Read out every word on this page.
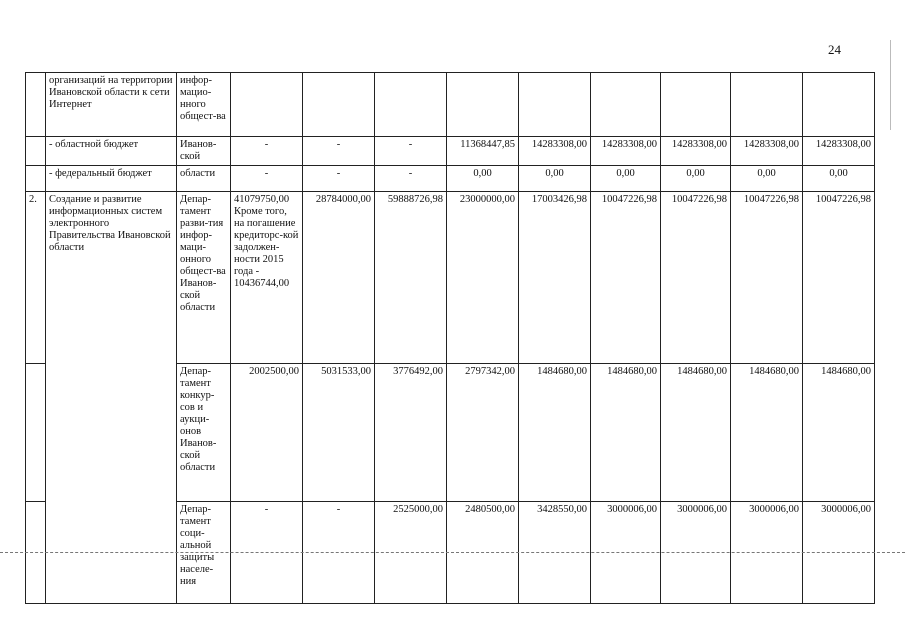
24
	организаций на территории Ивановской области к сети Интернет	инфор-мацио-нного общест-ва									
	- областной бюджет	Иванов-ской	-	-	-	11368447,85	14283308,00	14283308,00	14283308,00	14283308,00	14283308,00
	- федеральный бюджет	области	-	-	-	0,00	0,00	0,00	0,00	0,00	0,00
2.	Создание и развитие информационных систем электронного Правительства Ивановской области	Депар-тамент разви-тия инфор-маци-онного общест-ва Иванов-ской области	41079750,00 Кроме того, на погашение кредиторс-кой задолжен-ности 2015 года - 10436744,00	28784000,00	59888726,98	23000000,00	17003426,98	10047226,98	10047226,98	10047226,98	10047226,98
		Депар-тамент конкур-сов и аукци-онов Иванов-ской области	2002500,00	5031533,00	3776492,00	2797342,00	1484680,00	1484680,00	1484680,00	1484680,00	1484680,00
		Депар-тамент соци-альной защиты населе-ния	-	-	2525000,00	2480500,00	3428550,00	3000006,00	3000006,00	3000006,00	3000006,00
